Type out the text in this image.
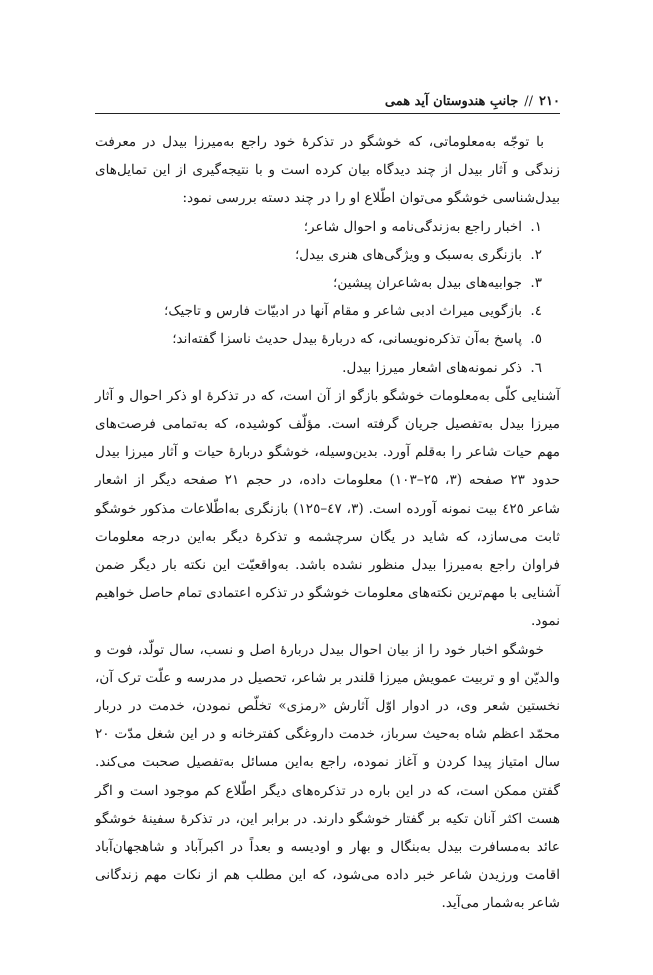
۲۱۰
//
جانبِ هندوستان آید همی

با توجّه به‌معلوماتی، که خوشگو در تذکرهٔ خود راجع به‌میرزا بیدل در معرفت زندگی و آثار بیدل از چند دیدگاه بیان کرده است و با نتیجه‌گیری از این تمایل‌های بیدل‌شناسی خوشگو می‌توان اطّلاع او را در چند دسته بررسی نمود:

۱.
اخبار راجع به‌زندگی‌نامه و احوال شاعر؛
۲.
بازنگری به‌سبک و ویژگی‌های هنری بیدل؛
۳.
جوابیه‌های بیدل به‌شاعران پیشین؛
٤.
بازگویی میراث ادبی شاعر و مقام آنها در ادبیّات فارس و تاجیک؛
٥.
پاسخ به‌آن تذکره‌نویسانی، که دربارهٔ بیدل حدیث ناسزا گفته‌اند؛
٦.
ذکر نمونه‌های اشعار میرزا بیدل.

آشنایی کلّی به‌معلومات خوشگو بازگو از آن است، که در تذکرهٔ او ذکر احوال و آثار میرزا بیدل به‌تفصیل جریان گرفته است. مؤلّف کوشیده، که به‌تمامی فرصت‌های مهم حیات شاعر را به‌قلم آورد. بدین‌وسیله، خوشگو دربارهٔ حیات و آثار میرزا بیدل حدود ۲۳ صفحه (۳، ۲۵–۱۰۳) معلومات داده، در حجم ۲۱ صفحه دیگر از اشعار شاعر ٤۲٥ بیت نمونه آورده است. (۳، ٤۷–۱۲٥) بازنگری به‌اطّلاعات مذکور خوشگو ثابت می‌سازد، که شاید در یگان سرچشمه و تذکرهٔ دیگر به‌این درجه معلومات فراوان راجع به‌میرزا بیدل منظور نشده باشد. به‌واقعیّت این نکته بار دیگر ضمن آشنایی با مهم‌ترین نکته‌های معلومات خوشگو در تذکره اعتمادی تمام حاصل خواهیم نمود.

خوشگو اخبار خود را از بیان احوال بیدل دربارهٔ اصل و نسب، سال تولّد، فوت و والدیّن او و تربیت عمویش میرزا قلندر بر شاعر، تحصیل در مدرسه و علّت ترک آن، نخستین شعر وی، در ادوار اوّل آثارش «رمزی» تخلّص نمودن، خدمت در دربار محمّد اعظم شاه به‌حیث سرباز، خدمت داروغگی کفترخانه و در این شغل مدّت ۲۰ سال امتیاز پیدا کردن و آغاز نموده، راجع به‌این مسائل به‌تفصیل صحبت می‌کند. گفتن ممکن است، که در این باره در تذکره‌های دیگر اطّلاع کم موجود است و اگر هست اکثر آنان تکیه بر گفتار خوشگو دارند. در برابر این، در تذکرهٔ سفینهٔ خوشگو عائد به‌مسافرت بیدل به‌بنگال و بهار و اودیسه و بعداً در اکبرآباد و شاهجهان‌آباد اقامت ورزیدن شاعر خبر داده می‌شود، که این مطلب هم از نکات مهم زندگانی شاعر به‌شمار می‌آید.
